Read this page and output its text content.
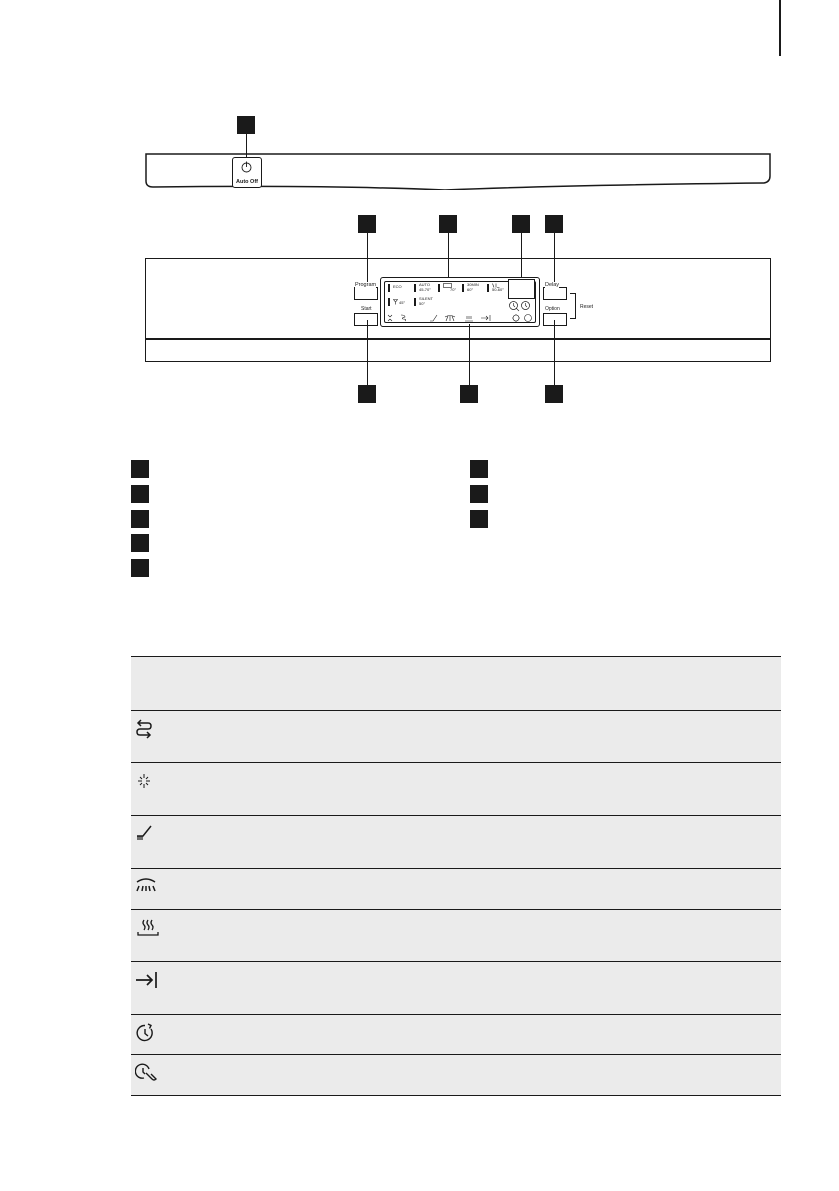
Auto Off
Program
Start
ECO	AUTO
45-70°	70°
30MIN
60°	50-60°
45°
SILENT
50°
Delay
Option	Reset
